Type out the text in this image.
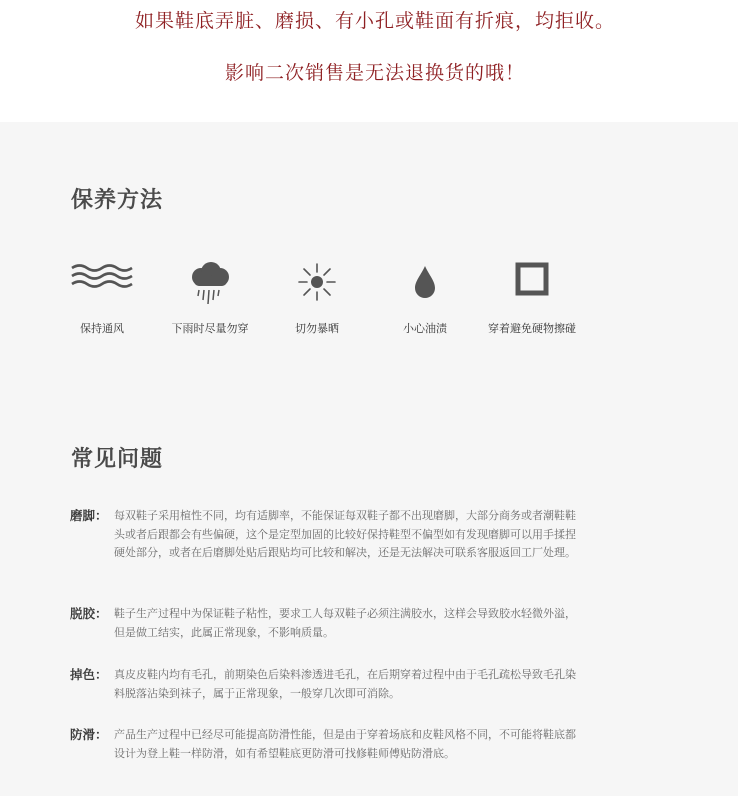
如果鞋底弄脏、磨损、有小孔或鞋面有折痕，均拒收。
影响二次销售是无法退换货的哦！
保养方法
保持通风	下雨时尽量勿穿	切勿暴晒	小心油渍	穿着避免硬物擦碰
常见问题
磨脚： 每双鞋子采用楦性不同，均有适脚率，不能保证每双鞋子都不出现磨脚，大部分商务或者潮鞋鞋头或者后跟都会有些偏硬，这个是定型加固的比较好保持鞋型不偏型如有发现磨脚可以用手揉捏硬处部分，或者在后磨脚处贴后跟贴均可比较和解决，还是无法解决可联系客服返回工厂处理。
脱胶： 鞋子生产过程中为保证鞋子粘性，要求工人每双鞋子必须注满胶水，这样会导致胶水轻微外溢，但是做工结实，此属正常现象，不影响质量。
掉色： 真皮皮鞋内均有毛孔，前期染色后染料渗透进毛孔，在后期穿着过程中由于毛孔疏松导致毛孔染料脱落沾染到袜子，属于正常现象，一般穿几次即可消除。
防滑： 产品生产过程中已经尽可能提高防滑性能，但是由于穿着场底和皮鞋风格不同，不可能将鞋底都设计为登上鞋一样防滑，如有希望鞋底更防滑可找修鞋师傅贴防滑底。
